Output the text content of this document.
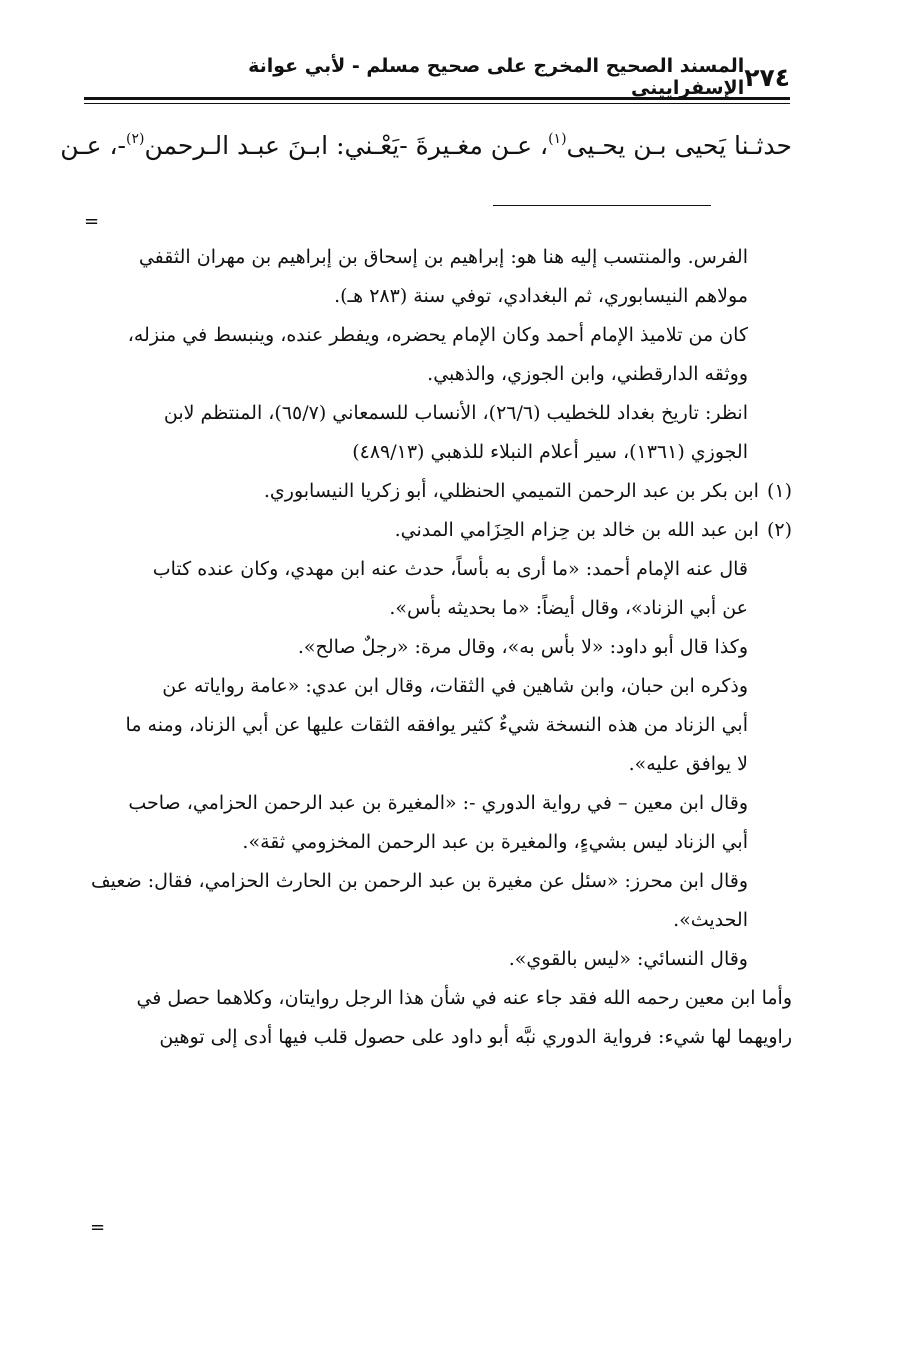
٢٧٤
المسند الصحيح المخرج على صحيح مسلم - لأبي عوانة الإسفراييني
حدثـنا يَحيى بـن يحـيى$^{(١)}$، عـن مغـيرةَ -يَعْـني: ابـنَ عبـد الـرحمن$^{(٢)}$-، عـن
=
الفرس. والمنتسب إليه هنا هو: إبراهيم بن إسحاق بن إبراهيم بن مهران الثقفي
مولاهم النيسابوري، ثم البغدادي، توفي سنة (٢٨٣ هـ).
كان من تلاميذ الإمام أحمد وكان الإمام يحضره، ويفطر عنده، وينبسط في منزله،
ووثقه الدارقطني، وابن الجوزي، والذهبي.
انظر: تاريخ بغداد للخطيب (٢٦/٦)، الأنساب للسمعاني (٦٥/٧)، المنتظم لابن
الجوزي (١٣٦١)، سير أعلام النبلاء للذهبي (٤٨٩/١٣)
(١)ابن بكر بن عبد الرحمن التميمي الحنظلي، أبو زكريا النيسابوري.
(٢)ابن عبد الله بن خالد بن حِزام الحِزَامي المدني.
قال عنه الإمام أحمد: «ما أرى به بأساً، حدث عنه ابن مهدي، وكان عنده كتاب
عن أبي الزناد»، وقال أيضاً: «ما بحديثه بأس».
وكذا قال أبو داود: «لا بأس به»، وقال مرة: «رجلٌ صالح».
وذكره ابن حبان، وابن شاهين في الثقات، وقال ابن عدي: «عامة رواياته عن
أبي الزناد من هذه النسخة شيءٌ كثير يوافقه الثقات عليها عن أبي الزناد، ومنه ما
لا يوافق عليه».
وقال ابن معين – في رواية الدوري -: «المغيرة بن عبد الرحمن الحزامي، صاحب
أبي الزناد ليس بشيءٍ، والمغيرة بن عبد الرحمن المخزومي ثقة».
وقال ابن محرز: «سئل عن مغيرة بن عبد الرحمن بن الحارث الحزامي، فقال: ضعيف
الحديث».
وقال النسائي: «ليس بالقوي».
وأما ابن معين رحمه الله فقد جاء عنه في شأن هذا الرجل روايتان، وكلاهما حصل في
راويهما لها شيء: فرواية الدوري نبَّه أبو داود على حصول قلب فيها أدى إلى توهين
=
